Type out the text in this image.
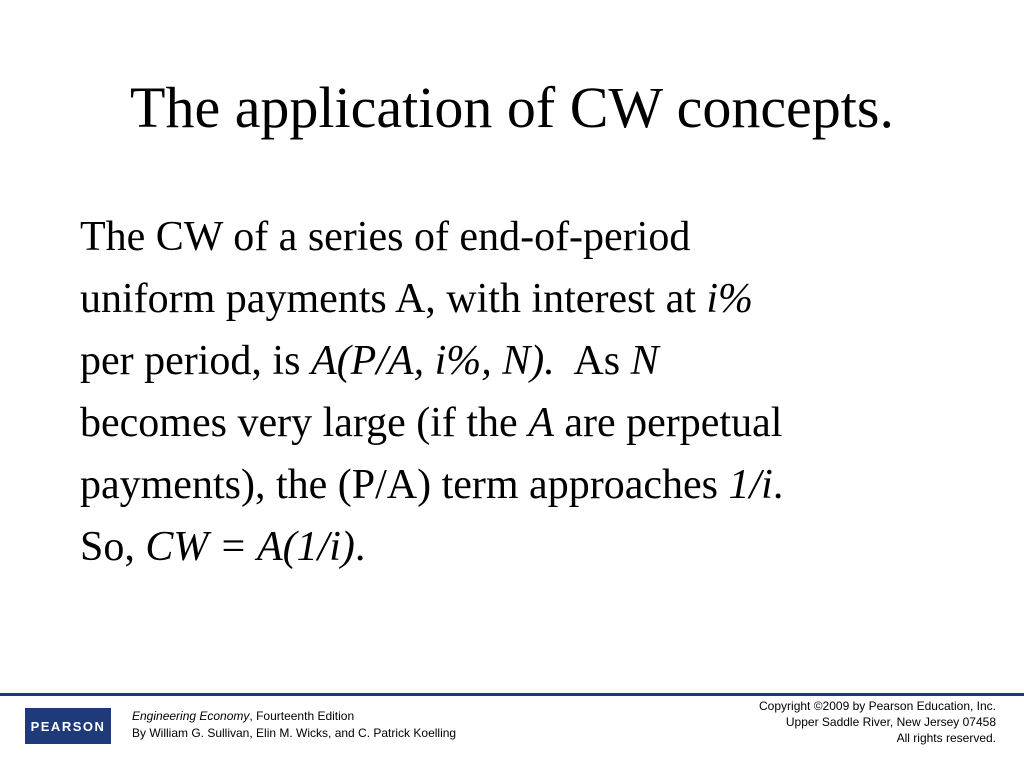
The application of CW concepts.
The CW of a series of end-of-period
uniform payments A, with interest at i%
per period, is A(P/A, i%, N).  As N
becomes very large (if the A are perpetual
payments), the (P/A) term approaches 1/i.
So, CW = A(1/i).
PEARSON
Engineering Economy, Fourteenth Edition
By William G. Sullivan, Elin M. Wicks, and C. Patrick Koelling
Copyright ©2009 by Pearson Education, Inc.
Upper Saddle River, New Jersey 07458
All rights reserved.
